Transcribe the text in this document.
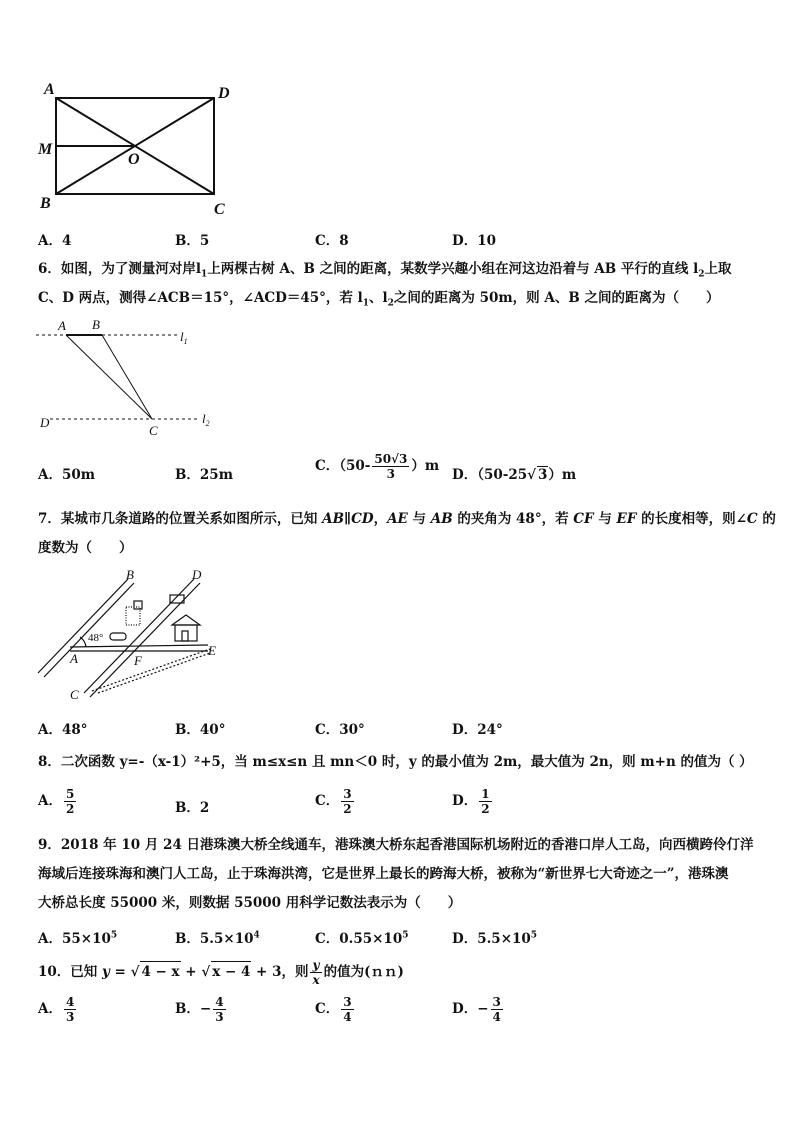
A	D
M
O
B	C
A．4	B．5	C．8	D．10
6．如图，为了测量河对岸$l_1$上两棵古树 A、B 之间的距离，某数学兴趣小组在河这边沿着与 AB 平行的直线 $l_2$上取
C、D 两点，测得∠ACB＝15°，∠ACD＝45°，若 $l_1$、$l_2$之间的距离为 50m，则 A、B 之间的距离为（　　）
A B
$l_1$
D
C
$l_2$
A．50m	B．25m
C．$(50- \frac{50√3}{3} )m$
D．（50-25√ 3）m
7．某城市几条道路的位置关系如图所示，已知 AB∥CD，AE 与 AB 的夹角为 48°，若 CF 与 EF 的长度相等，则∠C 的
度数为（　　）
B	D
48°
A	F
E
C
A．48°	B．40°	C．30°	D．24°
8．二次函数 y=-（x-1）²+5，当 m≤x≤n 且 mn＜0 时，y 的最小值为 2m，最大值为 2n，则 m+n 的值为（ ）
A． $\frac{5}{2}$	B．2	C． $\frac{3}{2}$	D． $\frac{1}{2}$
9．2018 年 10 月 24 日港珠澳大桥全线通车，港珠澳大桥东起香港国际机场附近的香港口岸人工岛，向西横跨伶仃洋
海域后连接珠海和澳门人工岛，止于珠海洪湾，它是世界上最长的跨海大桥，被称为“新世界七大奇迹之一”，港珠澳
大桥总长度 55000 米，则数据 55000 用科学记数法表示为（　　）
A．$55\times 10^5$	B．$5.5\times 10^4$	C．$0.55\times 10^5$	D．$5.5\times 10^5$
10．已知 y = √ 4 − x + √ x − 4 + 3，则 $\frac{y}{x}$ 的值为(ｎｎ)
A． $\frac{4}{3}$	B．− $\frac{4}{3}$	C． $\frac{3}{4}$	D．− $\frac{3}{4}$
